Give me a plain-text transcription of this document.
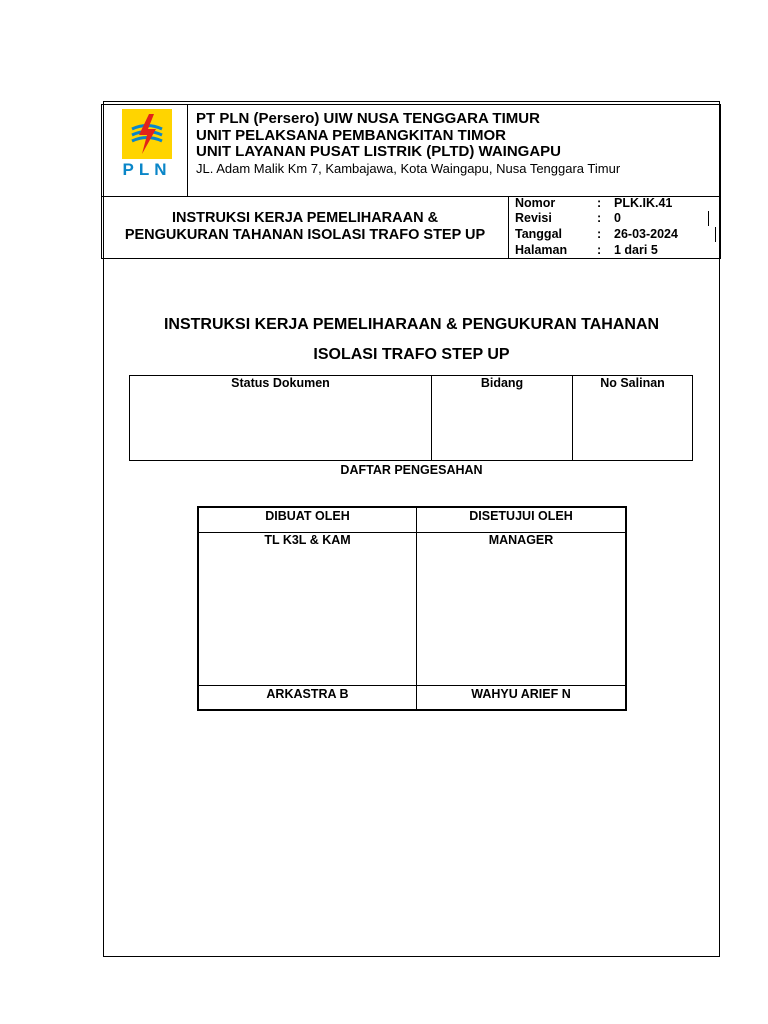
PLN
PT PLN (Persero) UIW NUSA TENGGARA TIMUR
UNIT PELAKSANA PEMBANGKITAN TIMOR
UNIT LAYANAN PUSAT LISTRIK (PLTD) WAINGAPU
JL. Adam Malik Km 7, Kambajawa, Kota Waingapu, Nusa Tenggara Timur
INSTRUKSI KERJA PEMELIHARAAN &
PENGUKURAN TAHANAN ISOLASI TRAFO STEP UP
Nomor	: PLK.IK.41
Revisi	: 0
Tanggal	: 26-03-2024
Halaman : 1 dari 5
INSTRUKSI KERJA PEMELIHARAAN & PENGUKURAN TAHANAN
ISOLASI TRAFO STEP UP
Status Dokumen	Bidang	No Salinan
DAFTAR PENGESAHAN
DIBUAT OLEH	DISETUJUI OLEH
TL K3L & KAM	MANAGER
ARKASTRA B	WAHYU ARIEF N
